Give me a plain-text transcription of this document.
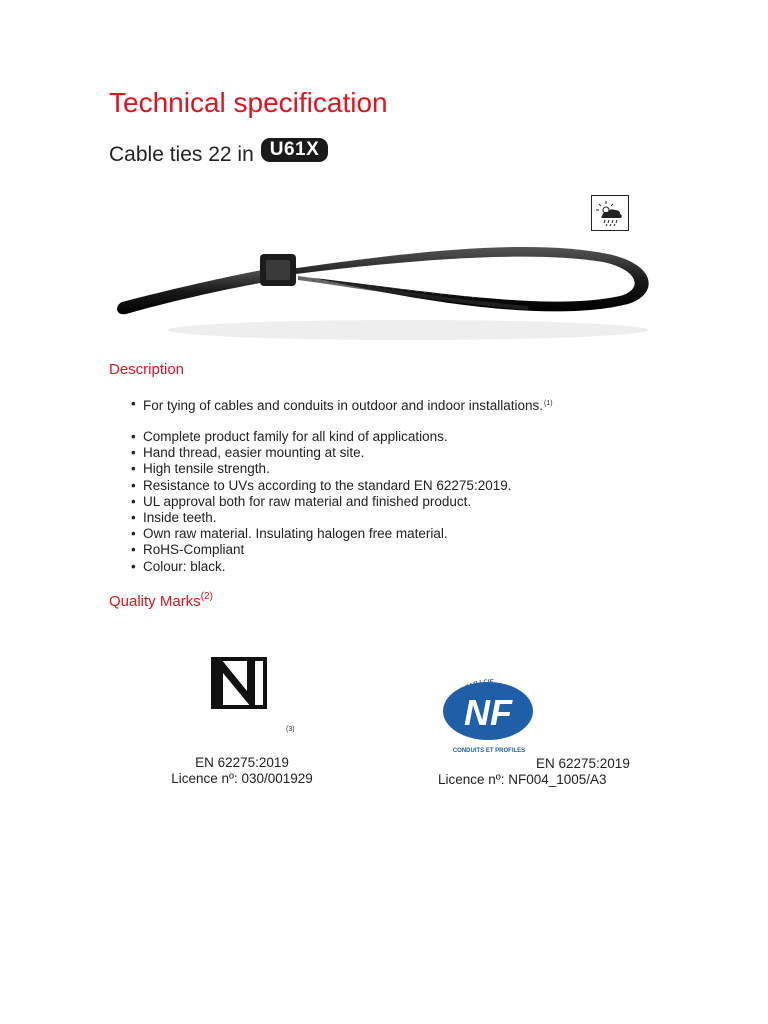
Technical specification
Cable ties 22 in U61X
Description
• For tying of cables and conduits in outdoor and indoor installations.$^{(1)}$
• Complete product family for all kind of applications.
• Hand thread, easier mounting at site.
• High tensile strength.
• Resistance to UVs according to the standard EN 62275:2019.
• UL approval both for raw material and finished product.
• Inside teeth.
• Own raw material. Insulating halogen free material.
• RoHS-Compliant
• Colour: black.
Quality Marks$^{(2)}$
(3)	NF
CONDUITS ET PROFILES
EN 62275:2019
Licence nº: 030/001929
EN 62275:2019
Licence nº: NF004_1005/A3
